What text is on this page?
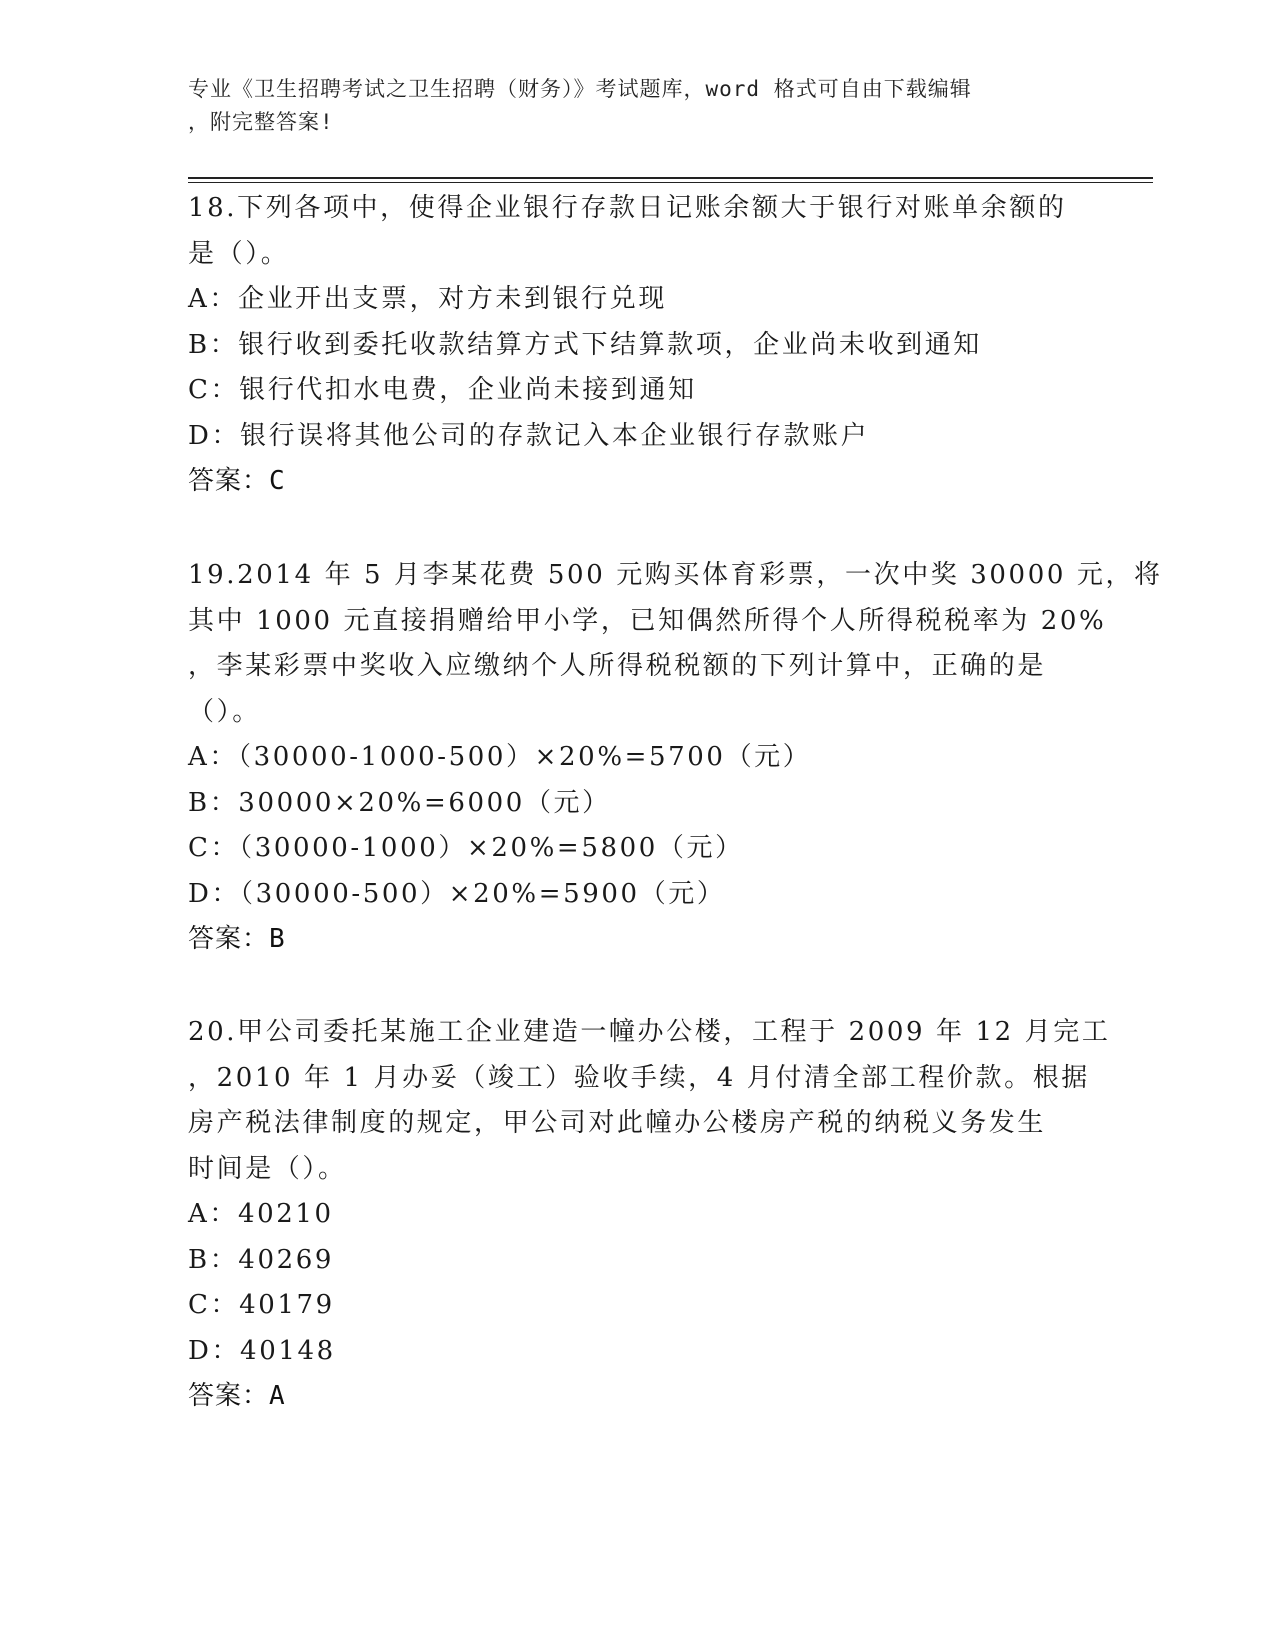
专业《卫生招聘考试之卫生招聘（财务）》考试题库，word 格式可自由下载编辑
，附完整答案!
18.下列各项中，使得企业银行存款日记账余额大于银行对账单余额的
是（）。
A：企业开出支票，对方未到银行兑现
B：银行收到委托收款结算方式下结算款项，企业尚未收到通知
C：银行代扣水电费，企业尚未接到通知
D：银行误将其他公司的存款记入本企业银行存款账户
答案：C
19.2014 年 5 月李某花费 500 元购买体育彩票，一次中奖 30000 元，将
其中 1000 元直接捐赠给甲小学，已知偶然所得个人所得税税率为 20%
，李某彩票中奖收入应缴纳个人所得税税额的下列计算中，正确的是
（）。
A：（30000-1000-500）×20%=5700（元）
B：30000×20%=6000（元）
C：（30000-1000）×20%=5800（元）
D：（30000-500）×20%=5900（元）
答案：B
20.甲公司委托某施工企业建造一幢办公楼，工程于 2009 年 12 月完工
，2010 年 1 月办妥（竣工）验收手续，4 月付清全部工程价款。根据
房产税法律制度的规定，甲公司对此幢办公楼房产税的纳税义务发生
时间是（）。
A：40210
B：40269
C：40179
D：40148
答案：A
